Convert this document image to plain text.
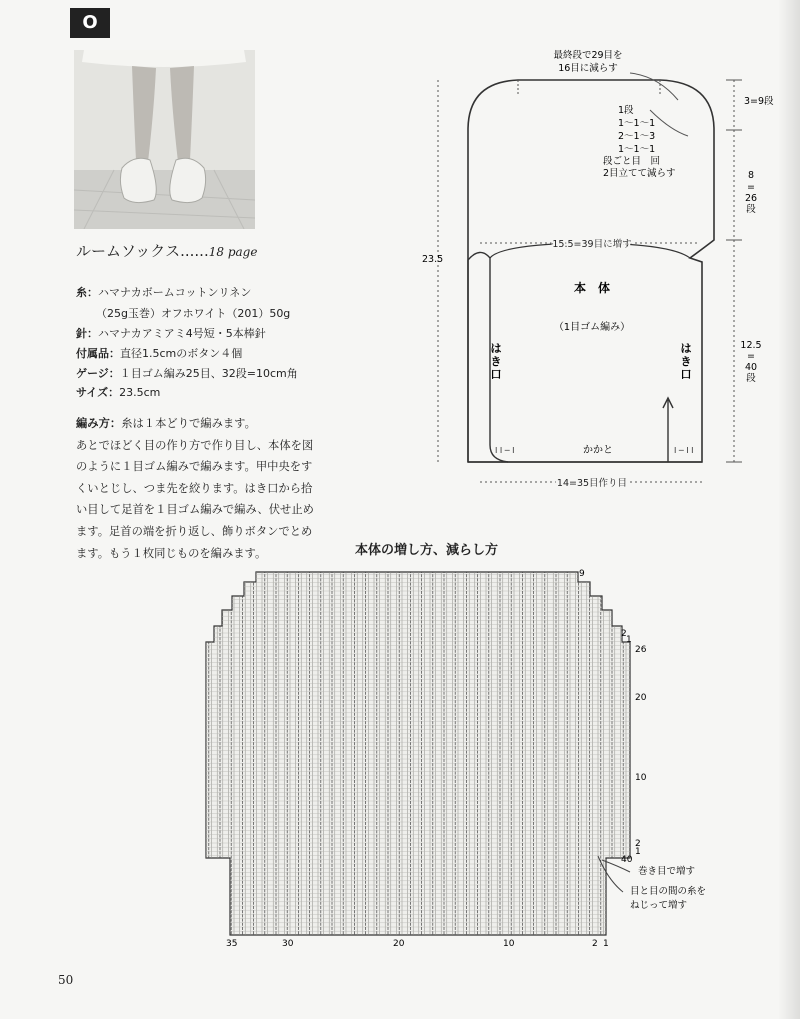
O
ルームソックス......18 page
糸：ハマナカボームコットンリネン
（25g玉巻）オフホワイト（201）50g
針：ハマナカアミアミ4号短・5本棒針
付属品：直径1.5cmのボタン４個
ゲージ：１目ゴム編み25目、32段=10cm角
サイズ：23.5cm
編み方：糸は１本どりで編みます。
あとでほどく目の作り方で作り目し、本体を図
のように１目ゴム編みで編みます。甲中央をす
くいとじし、つま先を絞ります。はき口から拾
い目して足首を１目ゴム編みで編み、伏せ止め
ます。足首の端を折り返し、飾りボタンでとめ
ます。もう１枚同じものを編みます。
I I ─ I	I ─ I I
最終段で29目を
16目に減らす
1段
1～1～1
2～1～3
1～1～1
段ごと目　回
2目立てて減らす
3=9段
8
=
26
段
12.5
=
40
段
23.5
15.5=39目に増す
本　体
（1目ゴム編み）
は
き
口
は
き
口
かかと
14=35目作り目
本体の増し方、減らし方
9
2
1
26
20
10
2
1
40
35	30	20	10	2 1
巻き目で増す
目と目の間の糸を
ねじって増す
50
